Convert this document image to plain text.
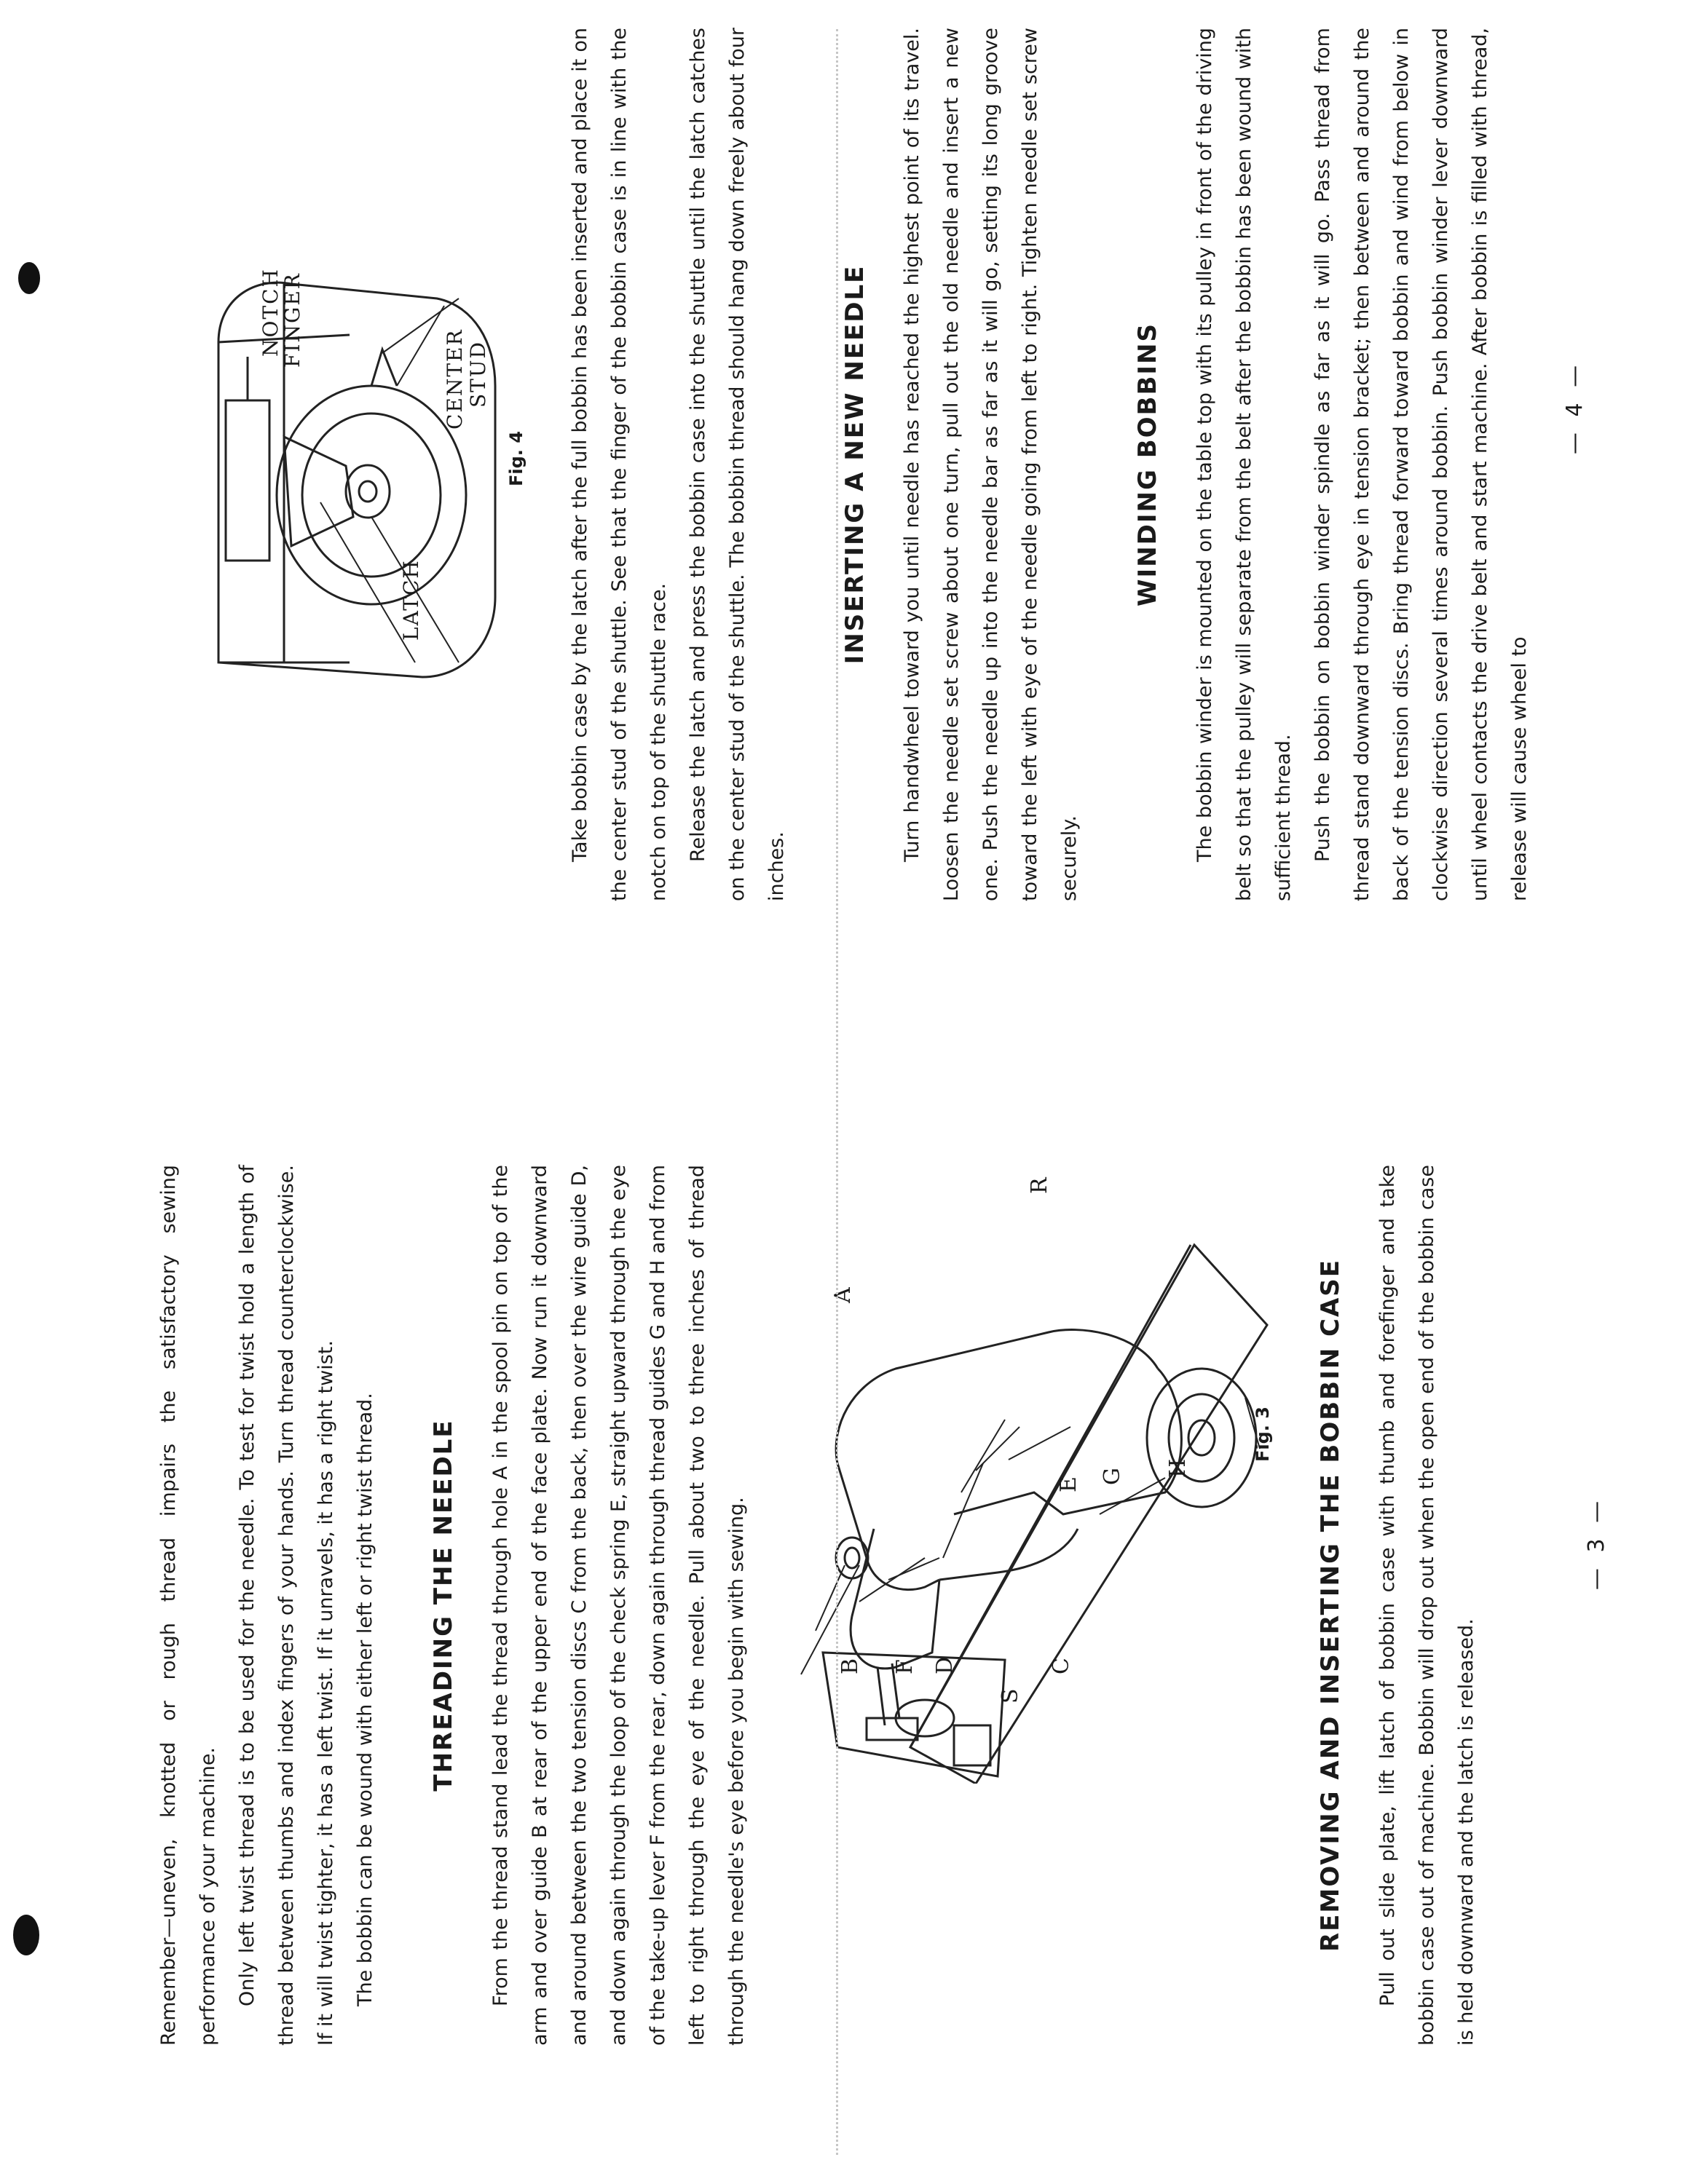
Remember—uneven, knotted or rough thread impairs the satisfactory sewing performance of your machine. Only left twist thread is to be used for the needle. To test for twist hold a length of thread between thumbs and index fingers of your hands. Turn thread counterclockwise. If it will twist tighter, it has a left twist. If it unravels, it has a right twist. The bobbin can be wound with either left or right twist thread.	THREADING THE NEEDLE	From the thread stand lead the thread through hole A in the spool pin on top of the arm and over guide B at rear of the upper end of the face plate. Now run it downward and around between the two tension discs C from the back, then over the wire guide D, and down again through the loop of the check spring E, straight upward through the eye of the take-up lever F from the rear, down again through thread guides G and H and from left to right through the eye of the needle. Pull about two to three inches of thread through the needle's eye before you begin with sewing.

A
B F D
S
C
E G H
R
Fig. 3 REMOVING AND INSERTING THE BOBBIN CASE	Pull out slide plate, lift latch of bobbin case with thumb and forefinger and take bobbin case out of machine. Bobbin will drop out when the open end of the bobbin case is held downward and the latch is released.

— 3 —
LATCH
CENTER STUD
NOTCH
FINGER
Fig. 4	Take bobbin case by the latch after the full bobbin has been inserted and place it on the center stud of the shuttle. See that the finger of the bobbin case is in line with the notch on top of the shuttle race. Release the latch and press the bobbin case into the shuttle until the latch catches on the center stud of the shuttle. The bobbin thread should hang down freely about four inches.

INSERTING A NEW NEEDLE	Turn handwheel toward you until needle has reached the highest point of its travel. Loosen the needle set screw about one turn, pull out the old needle and insert a new one. Push the needle up into the needle bar as far as it will go, setting its long groove toward the left with eye of the needle going from left to right. Tighten needle set screw securely.

WINDING BOBBINS	The bobbin winder is mounted on the table top with its pulley in front of the driving belt so that the pulley will separate from the belt after the bobbin has been wound with sufficient thread. Push the bobbin on bobbin winder spindle as far as it will go. Pass thread from thread stand downward through eye in tension bracket; then between and around the back of the tension discs. Bring thread forward toward bobbin and wind from below in clockwise direction several times around bobbin. Push bobbin winder lever downward until wheel contacts the drive belt and start machine. After bobbin is filled with thread, release will cause wheel to

— 4 —
